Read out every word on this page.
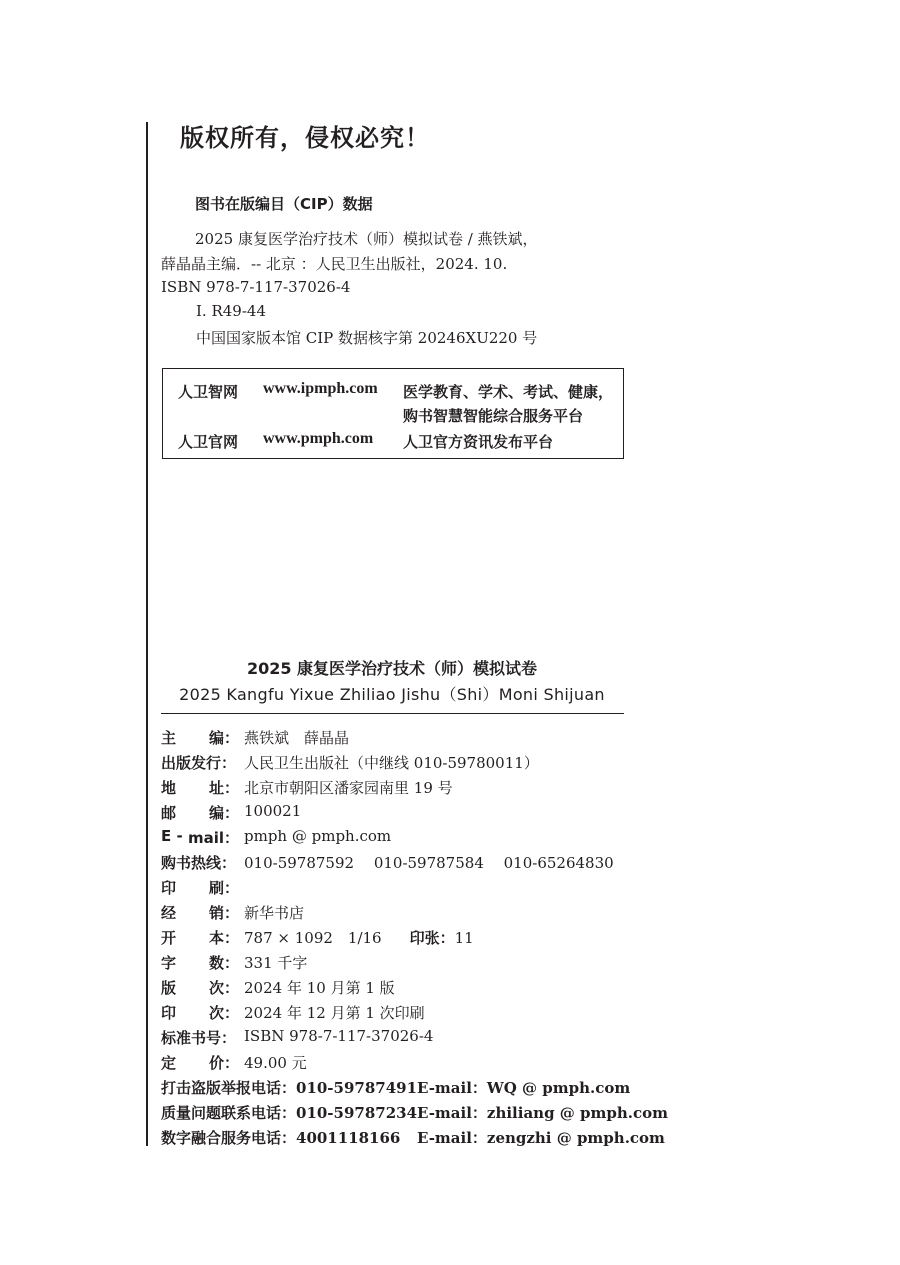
版权所有，侵权必究！
图书在版编目（CIP）数据
2025 康复医学治疗技术（师）模拟试卷 / 燕铁斌，
薛晶晶主编．-- 北京 ：人民卫生出版社，2024. 10.
ISBN 978-7-117-37026-4
Ⅰ. R49-44
中国国家版本馆 CIP 数据核字第 20246XU220 号
人卫智网 www.ipmph.com 医学教育、学术、考试、健康，
购书智慧智能综合服务平台
人卫官网 www.pmph.com 人卫官方资讯发布平台
2025 康复医学治疗技术（师）模拟试卷
2025 Kangfu Yixue Zhiliao Jishu（Shi）Moni Shijuan
主 编： 燕铁斌　薛晶晶
出版发行： 人民卫生出版社（中继线 010-59780011）
地 址： 北京市朝阳区潘家园南里 19 号
邮 编： 100021
E - mail： pmph @ pmph.com
购书热线： 010-59787592　 010-59787584　 010-65264830
印 刷：
经 销： 新华书店
开 本： 787 × 1092　1/16 印张：11
字 数： 331 千字
版 次： 2024 年 10 月第 1 版
印 次： 2024 年 12 月第 1 次印刷
标准书号： ISBN 978-7-117-37026-4
定 价： 49.00 元
打击盗版举报电话：010-59787491 E-mail：WQ @ pmph.com
质量问题联系电话：010-59787234 E-mail：zhiliang @ pmph.com
数字融合服务电话：4001118166 E-mail：zengzhi @ pmph.com
